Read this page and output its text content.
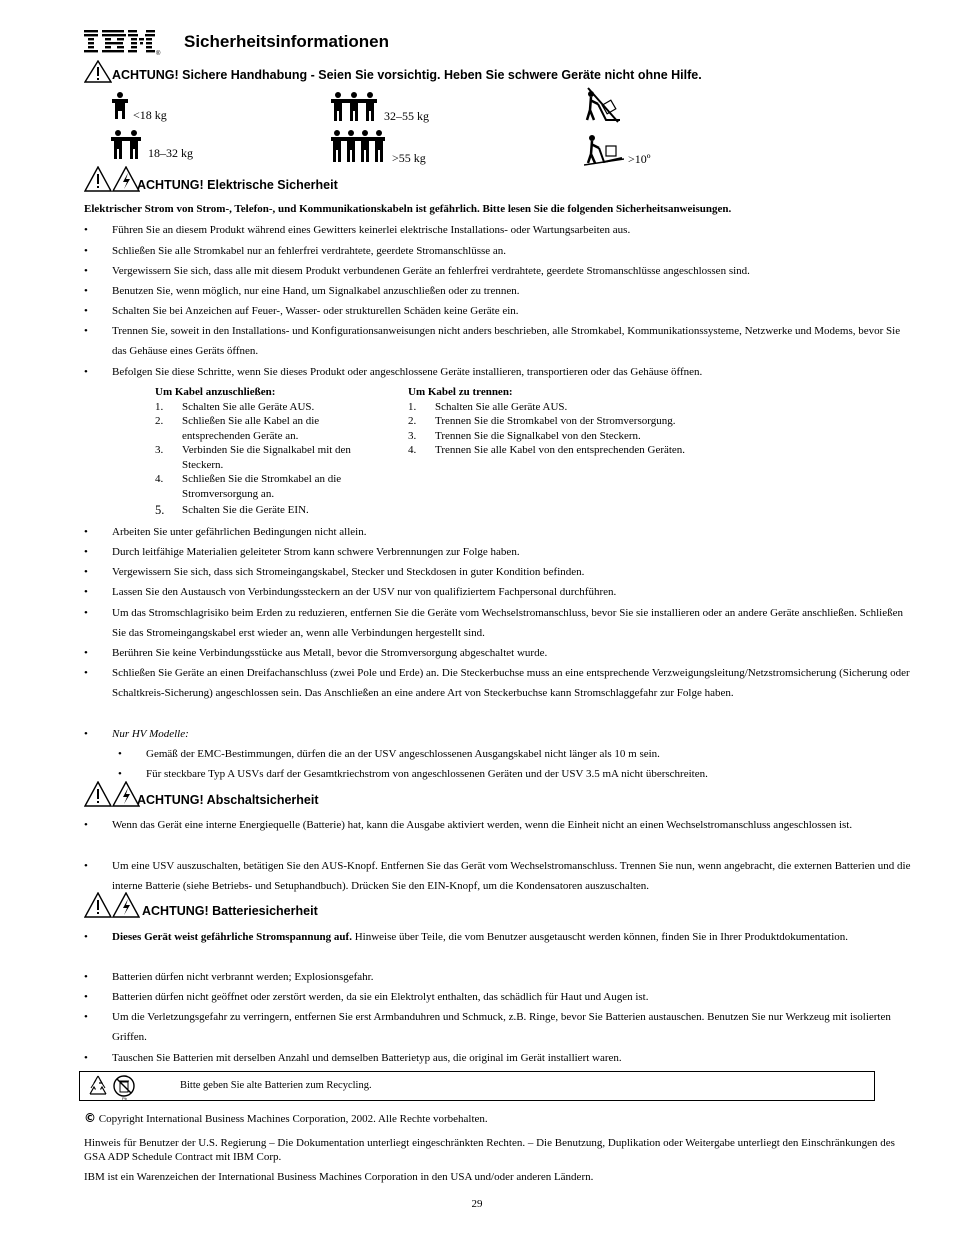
®
Sicherheitsinformationen
ACHTUNG! Sichere Handhabung - Seien Sie vorsichtig. Heben Sie schwere Geräte nicht ohne Hilfe.
<18 kg
18–32 kg
32–55 kg
>55 kg	>10º
ACHTUNG! Elektrische Sicherheit
Elektrischer Strom von Strom-, Telefon-, und Kommunikationskabeln ist gefährlich. Bitte lesen Sie die folgenden Sicherheitsanweisungen.
•	Führen Sie an diesem Produkt während eines Gewitters keinerlei elektrische Installations- oder Wartungsarbeiten aus.
•	Schließen Sie alle Stromkabel nur an fehlerfrei verdrahtete, geerdete Stromanschlüsse an.
•	Vergewissern Sie sich, dass alle mit diesem Produkt verbundenen Geräte an fehlerfrei verdrahtete, geerdete Stromanschlüsse angeschlossen sind.
•	Benutzen Sie, wenn möglich, nur eine Hand, um Signalkabel anzuschließen oder zu trennen.
•	Schalten Sie bei Anzeichen auf Feuer-, Wasser- oder strukturellen Schäden keine Geräte ein.
•	Trennen Sie, soweit in den Installations- und Konfigurationsanweisungen nicht anders beschrieben, alle Stromkabel, Kommunikationssysteme, Netzwerke und Modems, bevor Sie das Gehäuse eines Geräts öffnen.
•	Befolgen Sie diese Schritte, wenn Sie dieses Produkt oder angeschlossene Geräte installieren, transportieren oder das Gehäuse öffnen.
Um Kabel anzuschließen:
1.	Schalten Sie alle Geräte AUS.
2.	Schließen Sie alle Kabel an die entsprechenden Geräte an.
3.	Verbinden Sie die Signalkabel mit den Steckern.
4.	Schließen Sie die Stromkabel an die Stromversorgung an.
5.	Schalten Sie die Geräte EIN.
Um Kabel zu trennen:
1.	Schalten Sie alle Geräte AUS.
2.	Trennen Sie die Stromkabel von der Stromversorgung.
3.	Trennen Sie die Signalkabel von den Steckern.
4.	Trennen Sie alle Kabel von den entsprechenden Geräten.
•	Arbeiten Sie unter gefährlichen Bedingungen nicht allein.
•	Durch leitfähige Materialien geleiteter Strom kann schwere Verbrennungen zur Folge haben.
•	Vergewissern Sie sich, dass sich Stromeingangskabel, Stecker und Steckdosen in guter Kondition befinden.
•	Lassen Sie den Austausch von Verbindungssteckern an der USV nur von qualifiziertem Fachpersonal durchführen.
•	Um das Stromschlagrisiko beim Erden zu reduzieren, entfernen Sie die Geräte vom Wechselstromanschluss, bevor Sie sie installieren oder an andere Geräte anschließen. Schließen Sie das Stromeingangskabel erst wieder an, wenn alle Verbindungen hergestellt sind.
•	Berühren Sie keine Verbindungsstücke aus Metall, bevor die Stromversorgung abgeschaltet wurde.
•	Schließen Sie Geräte an einen Dreifachanschluss (zwei Pole und Erde) an. Die Steckerbuchse muss an eine entsprechende Verzweigungsleitung/Netzstromsicherung (Sicherung oder Schaltkreis-Sicherung) angeschlossen sein. Das Anschließen an eine andere Art von Steckerbuchse kann Stromschlaggefahr zur Folge haben.
•	Nur HV Modelle:
• Gemäß der EMC-Bestimmungen, dürfen die an der USV angeschlossenen Ausgangskabel nicht länger als 10 m sein.
• Für steckbare Typ A USVs darf der Gesamtkriechstrom von angeschlossenen Geräten und der USV 3.5 mA nicht überschreiten.
ACHTUNG! Abschaltsicherheit
•	Wenn das Gerät eine interne Energiequelle (Batterie) hat, kann die Ausgabe aktiviert werden, wenn die Einheit nicht an einen Wechselstromanschluss angeschlossen ist.
•	Um eine USV auszuschalten, betätigen Sie den AUS-Knopf. Entfernen Sie das Gerät vom Wechselstromanschluss. Trennen Sie nun, wenn angebracht, die externen Batterien und die interne Batterie (siehe Betriebs- und Setuphandbuch). Drücken Sie den EIN-Knopf, um die Kondensatoren auszuschalten.
ACHTUNG! Batteriesicherheit
•	Dieses Gerät weist gefährliche Stromspannung auf. Hinweise über Teile, die vom Benutzer ausgetauscht werden können, finden Sie in Ihrer Produktdokumentation.
•	Batterien dürfen nicht verbrannt werden; Explosionsgefahr.
•	Batterien dürfen nicht geöffnet oder zerstört werden, da sie ein Elektrolyt enthalten, das schädlich für Haut und Augen ist.
•	Um die Verletzungsgefahr zu verringern, entfernen Sie erst Armbanduhren und Schmuck, z.B. Ringe, bevor Sie Batterien austauschen. Benutzen Sie nur Werkzeug mit isolierten Griffen.
•	Tauschen Sie Batterien mit derselben Anzahl und demselben Batterietyp aus, die original im Gerät installiert waren.
Pb
Bitte geben Sie alte Batterien zum Recycling.
© Copyright International Business Machines Corporation, 2002. Alle Rechte vorbehalten.
Hinweis für Benutzer der U.S. Regierung – Die Dokumentation unterliegt eingeschränkten Rechten. – Die Benutzung, Duplikation oder Weitergabe unterliegt den Einschränkungen des GSA ADP Schedule Contract mit IBM Corp.
IBM ist ein Warenzeichen der International Business Machines Corporation in den USA und/oder anderen Ländern.
29
